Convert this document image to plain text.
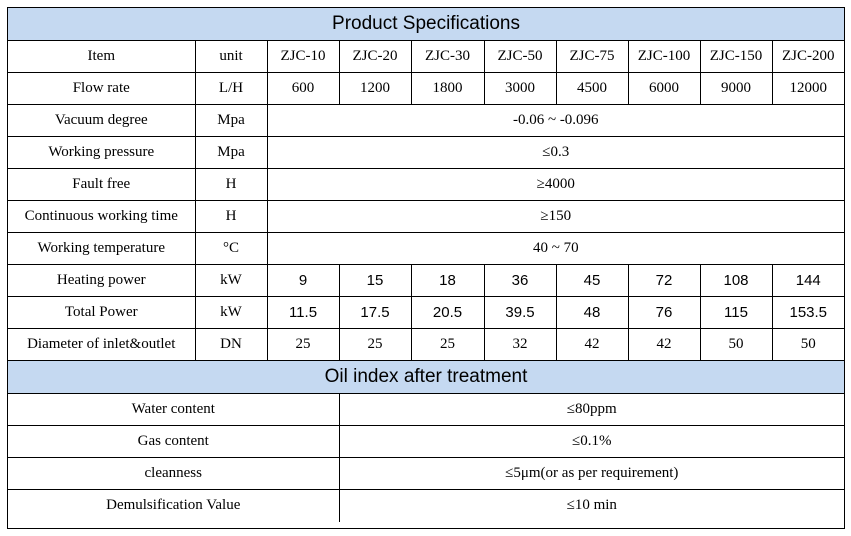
Product Specifications									
Item	unit	ZJC-10	ZJC-20	ZJC-30	ZJC-50	ZJC-75	ZJC-100	ZJC-150	ZJC-200
Flow rate	L/H	600	1200	1800	3000	4500	6000	9000	12000
Vacuum degree	Mpa	-0.06 ~ -0.096							
Working pressure	Mpa	≤0.3							
Fault free	H	≥4000							
Continuous working time	H	≥150							
Working temperature	°C	40 ~ 70							
Heating power	kW	9	15	18	36	45	72	108	144
Total Power	kW	11.5	17.5	20.5	39.5	48	76	115	153.5
Diameter of inlet&outlet	DN	25	25	25	32	42	42	50	50
Oil index after treatment	
Water content	≤80ppm
Gas content	≤0.1%
cleanness	≤5μm(or as per requirement)
Demulsification Value	≤10 min
